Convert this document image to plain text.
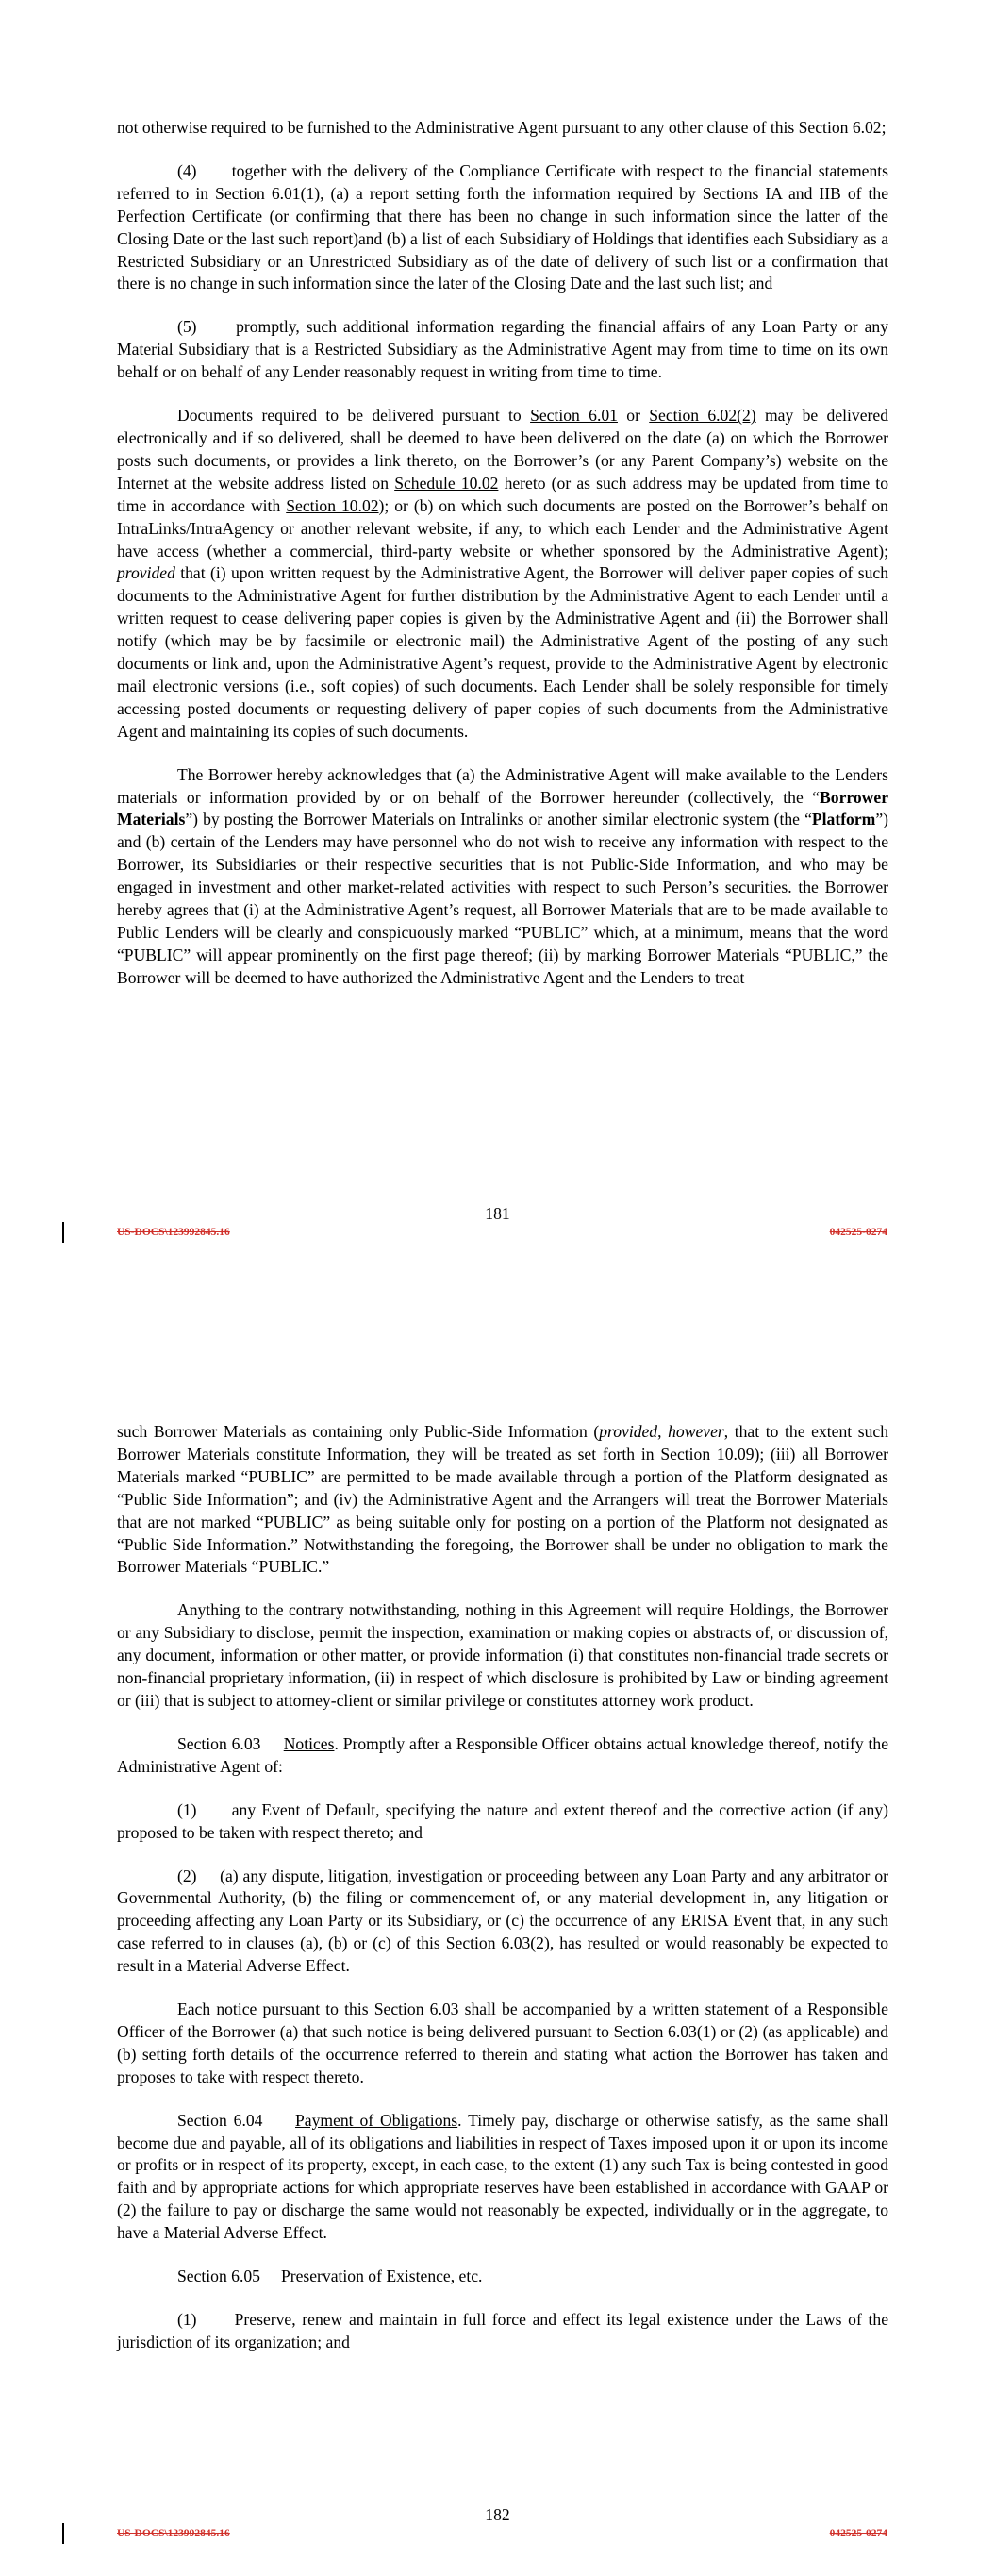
not otherwise required to be furnished to the Administrative Agent pursuant to any other clause of this Section 6.02;

(4)      together with the delivery of the Compliance Certificate with respect to the financial statements referred to in Section 6.01(1), (a) a report setting forth the information required by Sections IA and IIB of the Perfection Certificate (or confirming that there has been no change in such information since the latter of the Closing Date or the last such report)and (b) a list of each Subsidiary of Holdings that identifies each Subsidiary as a Restricted Subsidiary or an Unrestricted Subsidiary as of the date of delivery of such list or a confirmation that there is no change in such information since the later of the Closing Date and the last such list; and

(5)      promptly, such additional information regarding the financial affairs of any Loan Party or any Material Subsidiary that is a Restricted Subsidiary as the Administrative Agent may from time to time on its own behalf or on behalf of any Lender reasonably request in writing from time to time.

Documents required to be delivered pursuant to Section 6.01 or Section 6.02(2) may be delivered electronically and if so delivered, shall be deemed to have been delivered on the date (a) on which the Borrower posts such documents, or provides a link thereto, on the Borrower’s (or any Parent Company’s) website on the Internet at the website address listed on Schedule 10.02 hereto (or as such address may be updated from time to time in accordance with Section 10.02); or (b) on which such documents are posted on the Borrower’s behalf on IntraLinks/IntraAgency or another relevant website, if any, to which each Lender and the Administrative Agent have access (whether a commercial, third-party website or whether sponsored by the Administrative Agent); provided that (i) upon written request by the Administrative Agent, the Borrower will deliver paper copies of such documents to the Administrative Agent for further distribution by the Administrative Agent to each Lender until a written request to cease delivering paper copies is given by the Administrative Agent and (ii) the Borrower shall notify (which may be by facsimile or electronic mail) the Administrative Agent of the posting of any such documents or link and, upon the Administrative Agent’s request, provide to the Administrative Agent by electronic mail electronic versions (i.e., soft copies) of such documents. Each Lender shall be solely responsible for timely accessing posted documents or requesting delivery of paper copies of such documents from the Administrative Agent and maintaining its copies of such documents.

The Borrower hereby acknowledges that (a) the Administrative Agent will make available to the Lenders materials or information provided by or on behalf of the Borrower hereunder (collectively, the “Borrower Materials”) by posting the Borrower Materials on Intralinks or another similar electronic system (the “Platform”) and (b) certain of the Lenders may have personnel who do not wish to receive any information with respect to the Borrower, its Subsidiaries or their respective securities that is not Public-Side Information, and who may be engaged in investment and other market-related activities with respect to such Person’s securities. the Borrower hereby agrees that (i) at the Administrative Agent’s request, all Borrower Materials that are to be made available to Public Lenders will be clearly and conspicuously marked “PUBLIC” which, at a minimum, means that the word “PUBLIC” will appear prominently on the first page thereof; (ii) by marking Borrower Materials “PUBLIC,” the Borrower will be deemed to have authorized the Administrative Agent and the Lenders to treat

181
US-DOCS\123992845.16	042525-0274

such Borrower Materials as containing only Public-Side Information (provided, however, that to the extent such Borrower Materials constitute Information, they will be treated as set forth in Section 10.09); (iii) all Borrower Materials marked “PUBLIC” are permitted to be made available through a portion of the Platform designated as “Public Side Information”; and (iv) the Administrative Agent and the Arrangers will treat the Borrower Materials that are not marked “PUBLIC” as being suitable only for posting on a portion of the Platform not designated as “Public Side Information.” Notwithstanding the foregoing, the Borrower shall be under no obligation to mark the Borrower Materials “PUBLIC.”

Anything to the contrary notwithstanding, nothing in this Agreement will require Holdings, the Borrower or any Subsidiary to disclose, permit the inspection, examination or making copies or abstracts of, or discussion of, any document, information or other matter, or provide information (i) that constitutes non-financial trade secrets or non-financial proprietary information, (ii) in respect of which disclosure is prohibited by Law or binding agreement or (iii) that is subject to attorney-client or similar privilege or constitutes attorney work product.

Section 6.03     Notices. Promptly after a Responsible Officer obtains actual knowledge thereof, notify the Administrative Agent of:

(1)      any Event of Default, specifying the nature and extent thereof and the corrective action (if any) proposed to be taken with respect thereto; and

(2)     (a) any dispute, litigation, investigation or proceeding between any Loan Party and any arbitrator or Governmental Authority, (b) the filing or commencement of, or any material development in, any litigation or proceeding affecting any Loan Party or its Subsidiary, or (c) the occurrence of any ERISA Event that, in any such case referred to in clauses (a), (b) or (c) of this Section 6.03(2), has resulted or would reasonably be expected to result in a Material Adverse Effect.

Each notice pursuant to this Section 6.03 shall be accompanied by a written statement of a Responsible Officer of the Borrower (a) that such notice is being delivered pursuant to Section 6.03(1) or (2) (as applicable) and (b) setting forth details of the occurrence referred to therein and stating what action the Borrower has taken and proposes to take with respect thereto.

Section 6.04     Payment of Obligations. Timely pay, discharge or otherwise satisfy, as the same shall become due and payable, all of its obligations and liabilities in respect of Taxes imposed upon it or upon its income or profits or in respect of its property, except, in each case, to the extent (1) any such Tax is being contested in good faith and by appropriate actions for which appropriate reserves have been established in accordance with GAAP or (2) the failure to pay or discharge the same would not reasonably be expected, individually or in the aggregate, to have a Material Adverse Effect.

Section 6.05     Preservation of Existence, etc.

(1)      Preserve, renew and maintain in full force and effect its legal existence under the Laws of the jurisdiction of its organization; and

182
US-DOCS\123992845.16	042525-0274
